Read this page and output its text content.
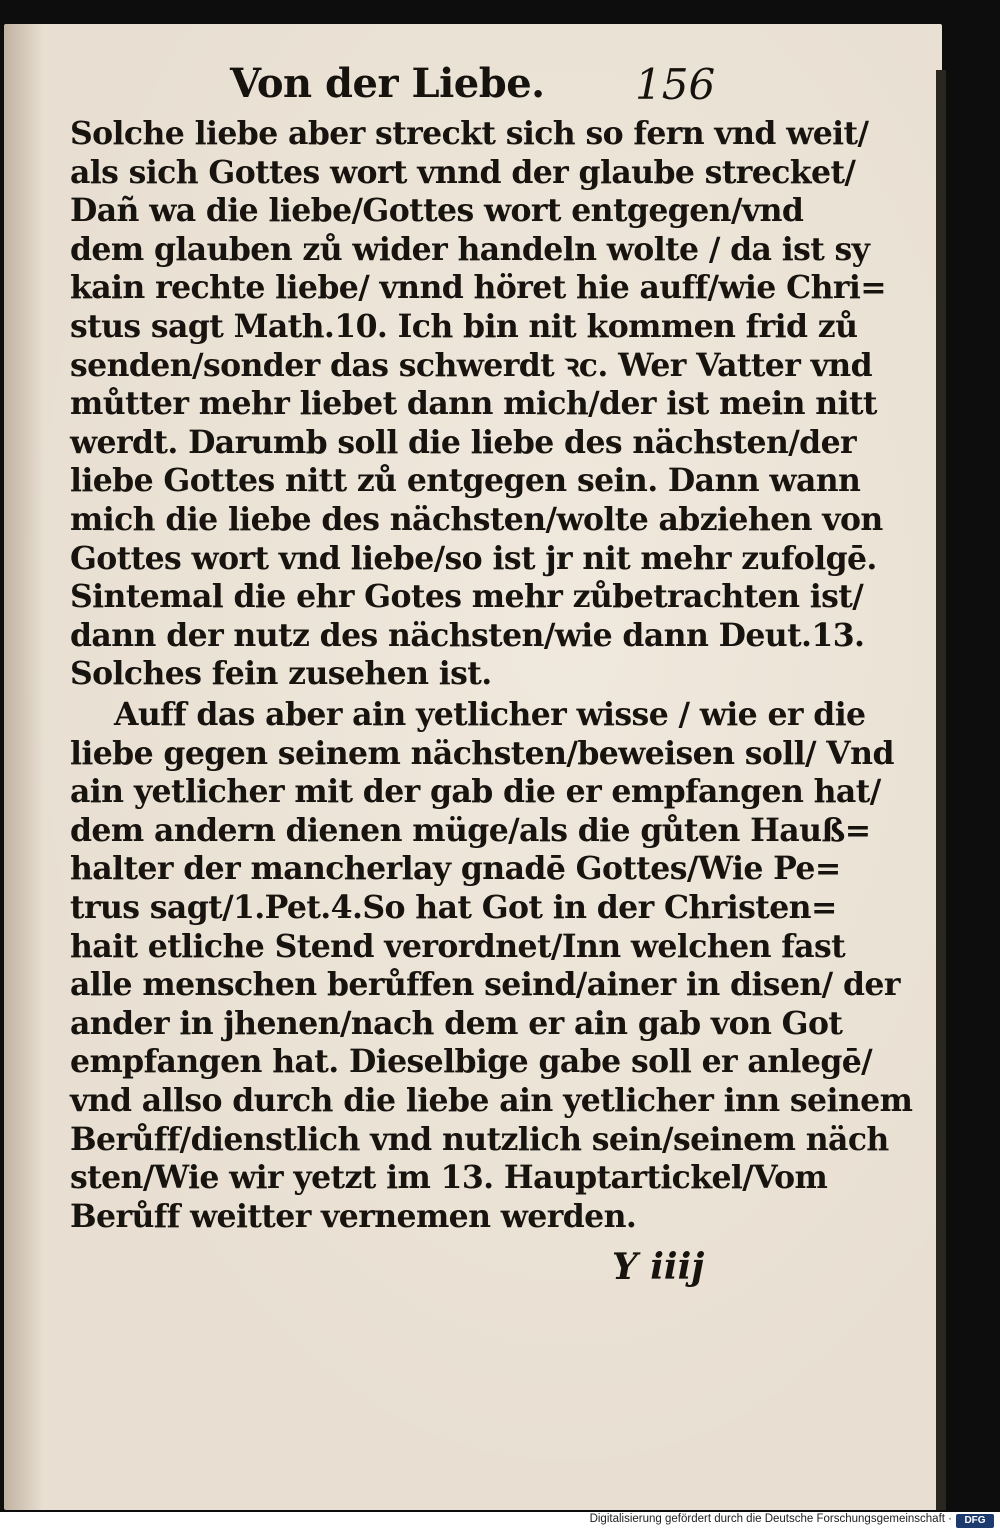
Von der Liebe. 156
Solche liebe aber streckt sich so fern vnd weit/
als sich Gottes wort vnnd der glaube strecket/
Dañ wa die liebe/Gottes wort entgegen/vnd
dem glauben zů wider handeln wolte / da ist sy
kain rechte liebe/ vnnd höret hie auff/wie Chri=
stus sagt Math.10. Ich bin nit kommen frid zů
senden/sonder das schwerdt ꝛc. Wer Vatter vnd
můtter mehr liebet dann mich/der ist mein nitt
werdt. Darumb soll die liebe des nächsten/der
liebe Gottes nitt zů entgegen sein. Dann wann
mich die liebe des nächsten/wolte abziehen von
Gottes wort vnd liebe/so ist jr nit mehr zufolgē.
Sintemal die ehr Gotes mehr zůbetrachten ist/
dann der nutz des nächsten/wie dann Deut.13.
Solches fein zusehen ist.
Auff das aber ain yetlicher wisse / wie er die
liebe gegen seinem nächsten/beweisen soll/ Vnd
ain yetlicher mit der gab die er empfangen hat/
dem andern dienen müge/als die gůten Hauß=
halter der mancherlay gnadē Gottes/Wie Pe=
trus sagt/1.Pet.4.So hat Got in der Christen=
hait etliche Stend verordnet/Inn welchen fast
alle menschen berůffen seind/ainer in disen/ der
ander in jhenen/nach dem er ain gab von Got
empfangen hat. Dieselbige gabe soll er anlegē/
vnd allso durch die liebe ain yetlicher inn seinem
Berůff/dienstlich vnd nutzlich sein/seinem näch
sten/Wie wir yetzt im 13. Hauptartickel/Vom
Berůff weitter vernemen werden.
Y iiij
Digitalisierung gefördert durch die Deutsche Forschungsgemeinschaft ·	DFG
